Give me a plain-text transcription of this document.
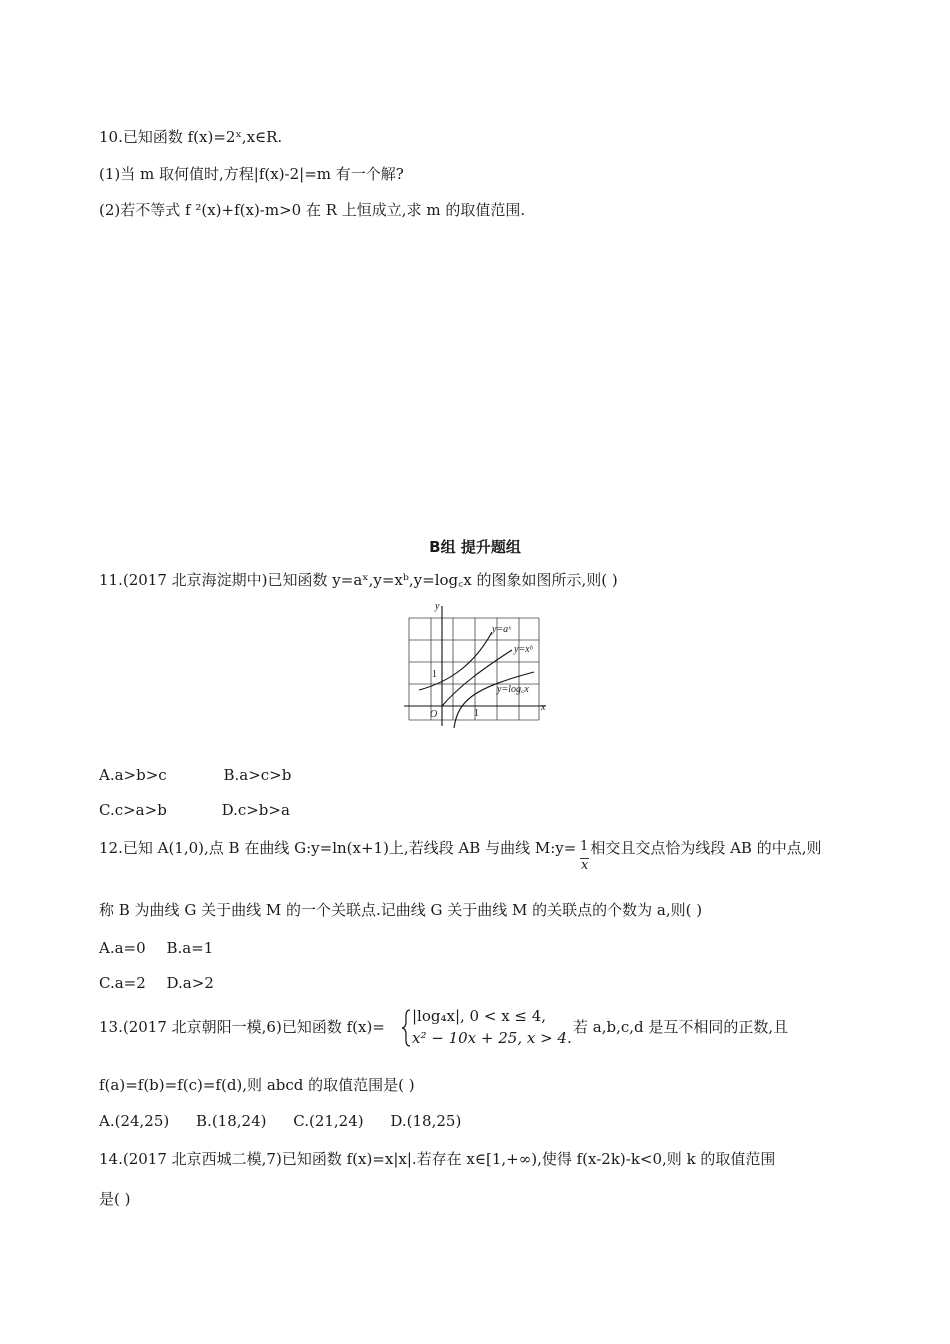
10.已知函数 f(x)=2ˣ,x∈R.
(1)当 m 取何值时,方程|f(x)-2|=m 有一个解?
(2)若不等式 f ²(x)+f(x)-m>0 在 R 上恒成立,求 m 的取值范围.
B组 提升题组
11.(2017 北京海淀期中)已知函数 y=aˣ,y=xᵇ,y=log꜀x 的图象如图所示,则( )
y
x
O
1
1
y=aˣ
y=xᵇ
y=log꜀x
A.a>b>c	B.a>c>b
C.c>a>b	D.c>b>a
12.已知 A(1,0),点 B 在曲线 G:y=ln(x+1)上,若线段 AB 与曲线 M:y= 相交且交点恰为线段 AB 的中点,则
1
x
称 B 为曲线 G 关于曲线 M 的一个关联点.记曲线 G 关于曲线 M 的关联点的个数为 a,则( )
A.a=0 B.a=1
C.a=2 D.a>2
13.(2017 北京朝阳一模,6)已知函数 f(x)=
|log₄x|, 0 < x ≤ 4,
x² − 10x + 25, x > 4.
若 a,b,c,d 是互不相同的正数,且
f(a)=f(b)=f(c)=f(d),则 abcd 的取值范围是( )
A.(24,25) B.(18,24) C.(21,24) D.(18,25)
14.(2017 北京西城二模,7)已知函数 f(x)=x|x|.若存在 x∈[1,+∞),使得 f(x-2k)-k<0,则 k 的取值范围
是( )
